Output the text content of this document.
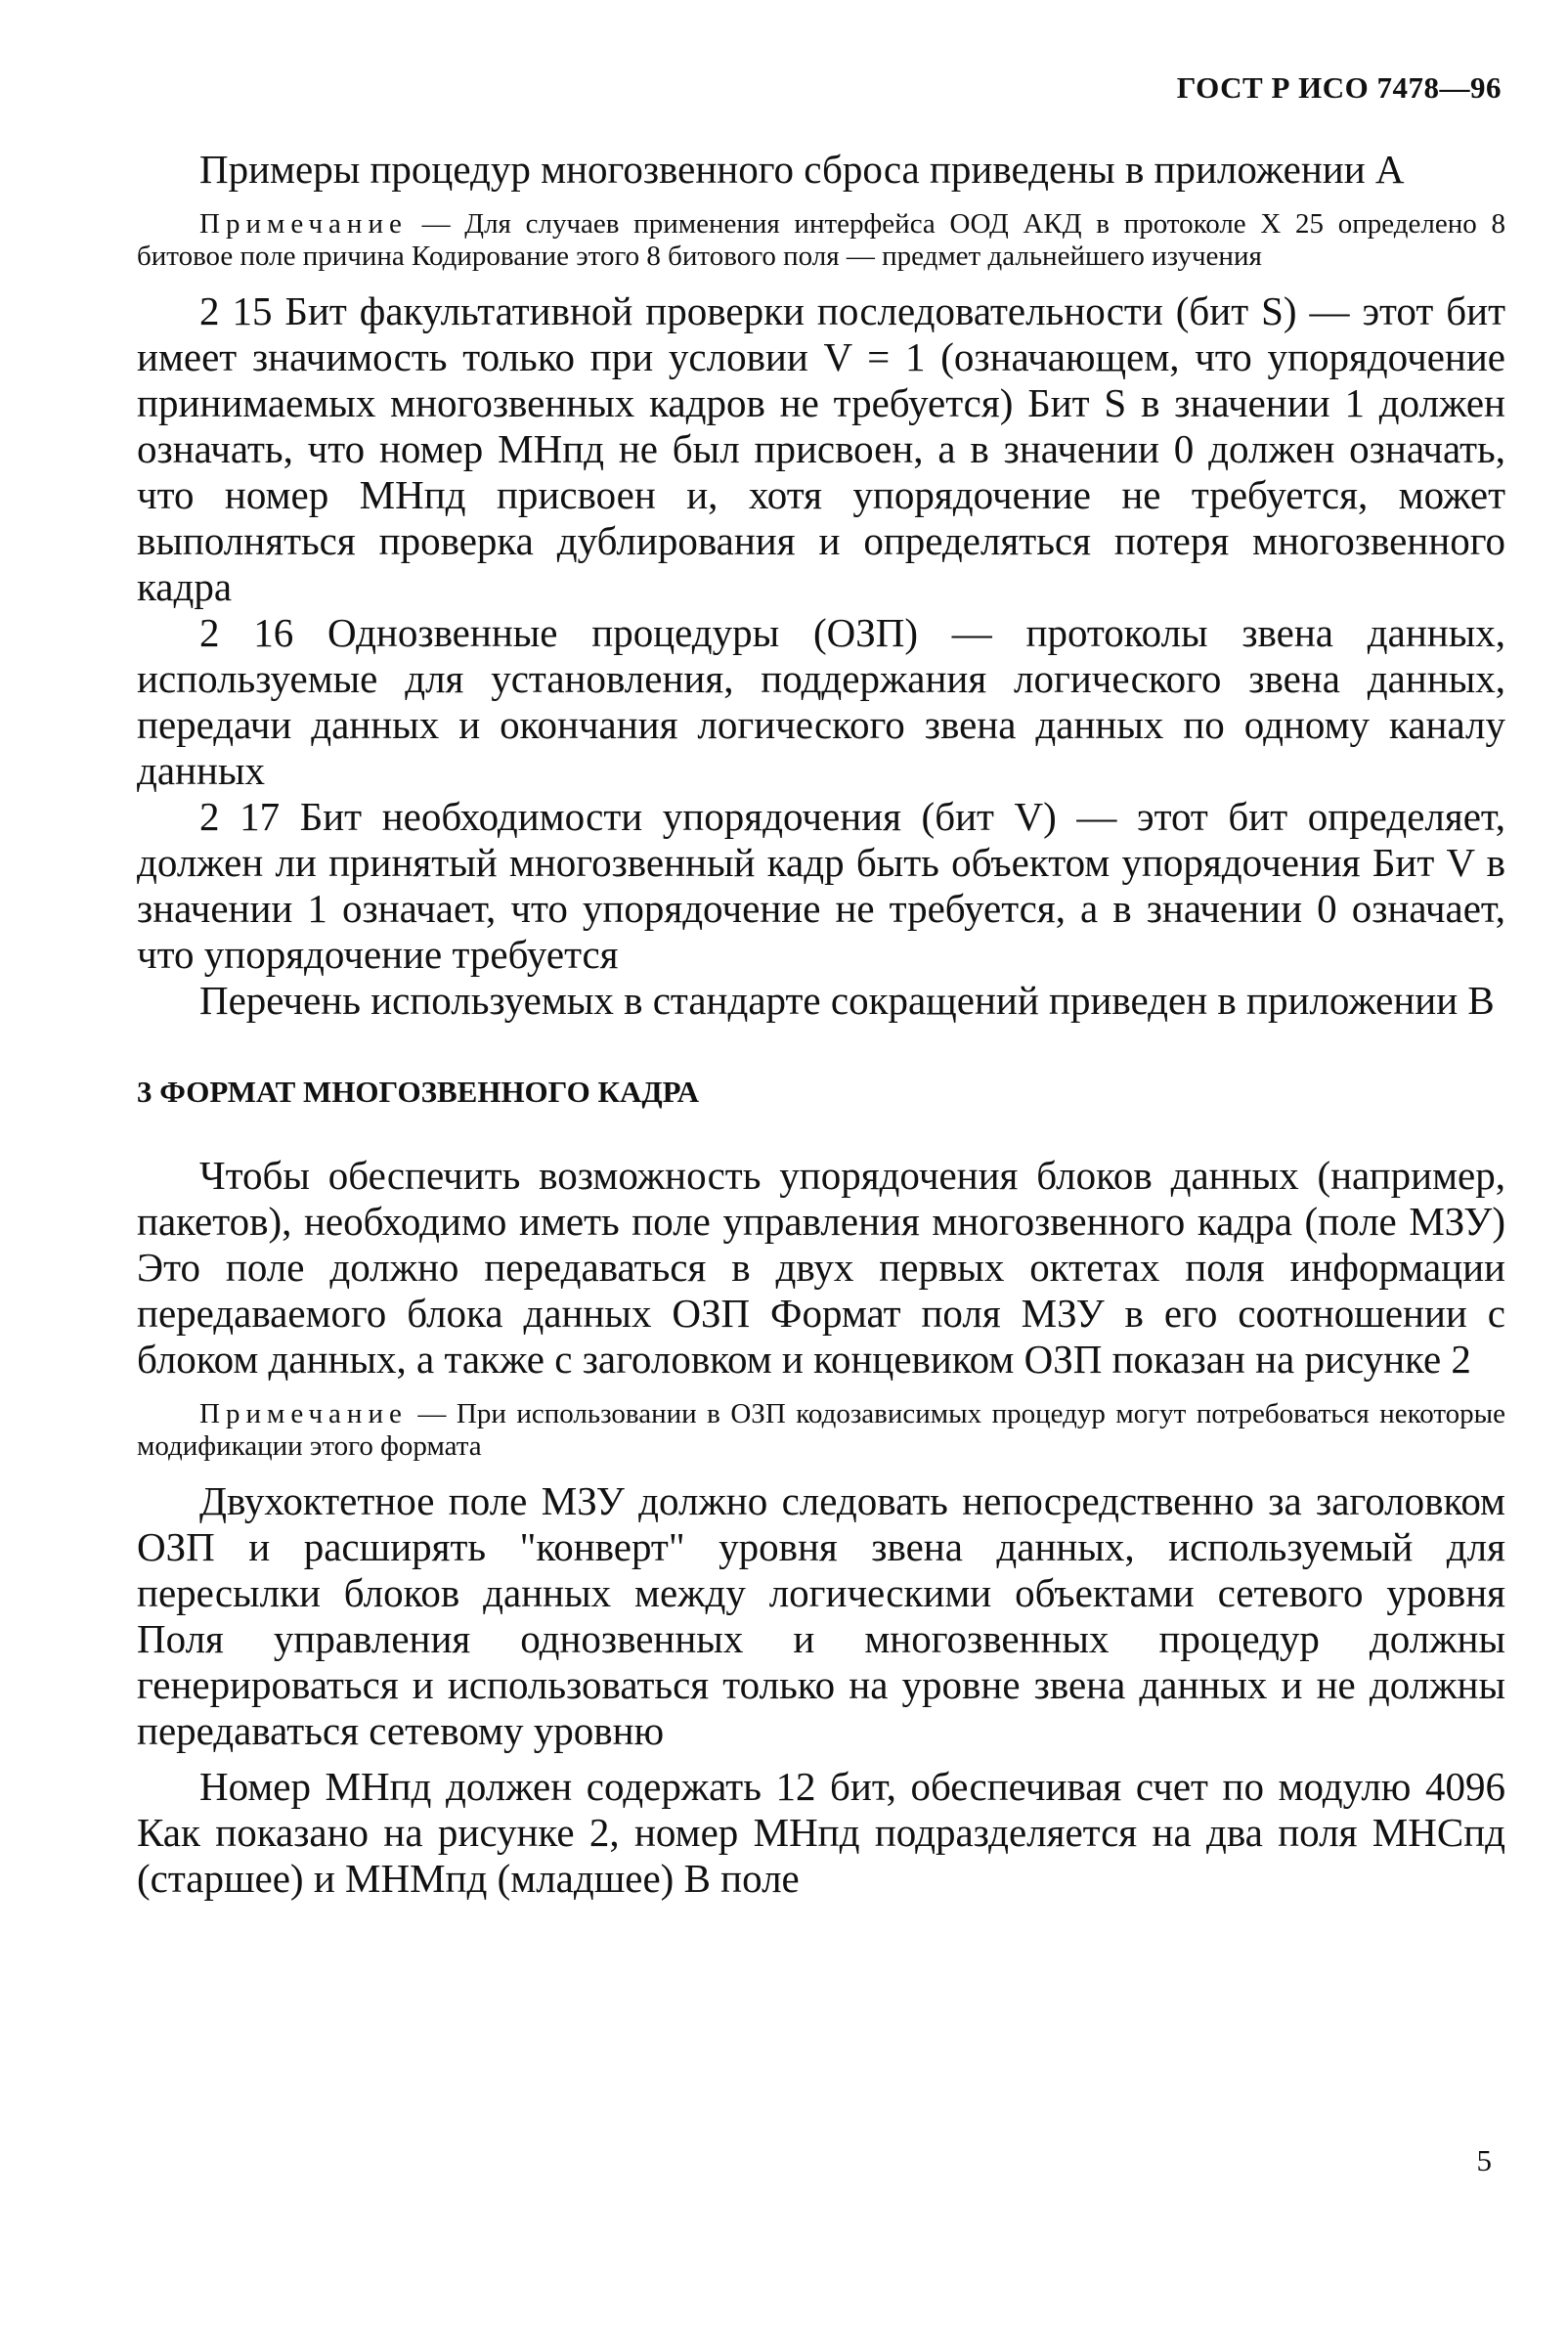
ГОСТ Р ИСО 7478—96

Примеры процедур многозвенного сброса приведены в приложении А

Примечание — Для случаев применения интерфейса ООД АКД в протоколе X 25 определено 8 битовое поле причина Кодирование этого 8 битового поля — предмет дальнейшего изучения

2 15 Бит факультативной проверки последовательности (бит S) — этот бит имеет значимость только при условии V = 1 (означающем, что упорядочение принимаемых многозвенных кадров не требуется) Бит S в значении 1 должен означать, что номер МНпд не был присвоен, а в значении 0 должен означать, что номер МНпд присвоен и, хотя упорядочение не требуется, может выполняться проверка дублирования и определяться потеря многозвенного кадра

2 16 Однозвенные процедуры (ОЗП) — протоколы звена данных, используемые для установления, поддержания логического звена данных, передачи данных и окончания логического звена данных по одному каналу данных

2 17 Бит необходимости упорядочения (бит V) — этот бит определяет, должен ли принятый многозвенный кадр быть объектом упорядочения Бит V в значении 1 означает, что упорядочение не требуется, а в значении 0 означает, что упорядочение требуется

Перечень используемых в стандарте сокращений приведен в приложении В

3 ФОРМАТ МНОГОЗВЕННОГО КАДРА

Чтобы обеспечить возможность упорядочения блоков данных (например, пакетов), необходимо иметь поле управления многозвенного кадра (поле МЗУ) Это поле должно передаваться в двух первых октетах поля информации передаваемого блока данных ОЗП Формат поля МЗУ в его соотношении с блоком данных, а также с заголовком и концевиком ОЗП показан на рисунке 2

Примечание — При использовании в ОЗП кодозависимых процедур могут потребоваться некоторые модификации этого формата

Двухоктетное поле МЗУ должно следовать непосредственно за заголовком ОЗП и расширять "конверт" уровня звена данных, используемый для пересылки блоков данных между логическими объектами сетевого уровня Поля управления однозвенных и многозвенных процедур должны генерироваться и использоваться только на уровне звена данных и не должны передаваться сетевому уровню

Номер МНпд должен содержать 12 бит, обеспечивая счет по модулю 4096 Как показано на рисунке 2, номер МНпд подразделяется на два поля МНСпд (старшее) и МНМпд (младшее) В поле

5
